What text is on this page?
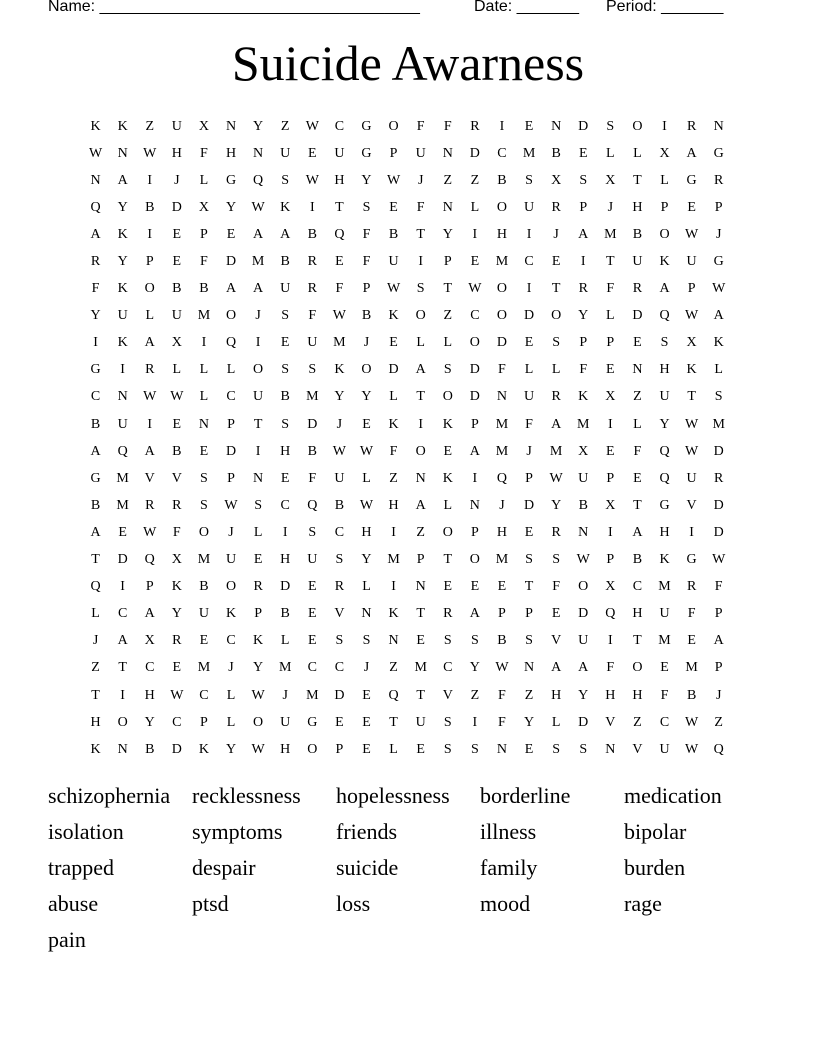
Name: ____________________________________	Date: _______ Period: _______
Suicide Awarness
K	K	Z	U	X	N	Y	Z	W	C	G	O	F	F	R	I	E	N	D	S	O	I	R	N
W	N	W	H	F	H	N	U	E	U	G	P	U	N	D	C	M	B	E	L	L	X	A	G
N	A	I	J	L	G	Q	S	W	H	Y	W	J	Z	Z	B	S	X	S	X	T	L	G	R
Q	Y	B	D	X	Y	W	K	I	T	S	E	F	N	L	O	U	R	P	J	H	P	E	P
A	K	I	E	P	E	A	A	B	Q	F	B	T	Y	I	H	I	J	A	M	B	O	W	J
R	Y	P	E	F	D	M	B	R	E	F	U	I	P	E	M	C	E	I	T	U	K	U	G
F	K	O	B	B	A	A	U	R	F	P	W	S	T	W	O	I	T	R	F	R	A	P	W
Y	U	L	U	M	O	J	S	F	W	B	K	O	Z	C	O	D	O	Y	L	D	Q	W	A
I	K	A	X	I	Q	I	E	U	M	J	E	L	L	O	D	E	S	P	P	E	S	X	K
G	I	R	L	L	L	O	S	S	K	O	D	A	S	D	F	L	L	F	E	N	H	K	L
C	N	W W	L	C	U	B	M	Y	Y	L	T	O	D	N	U	R	K	X	Z	U	T	S
B	U	I	E	N	P	T	S	D	J	E	K	I	K	P	M	F	A	M	I	L	Y	W	M
A	Q	A	B	E	D	I	H	B	W W	F	O	E	A	M	J	M	X	E	F	Q	W	D
G	M	V	V	S	P	N	E	F	U	L	Z	N	K	I	Q	P	W	U	P	E	Q	U	R
B	M	R	R	S	W	S	C	Q	B	W	H	A	L	N	J	D	Y	B	X	T	G	V	D
A	E	W	F	O	J	L	I	S	C	H	I	Z	O	P	H	E	R	N	I	A	H	I	D
T	D	Q	X	M	U	E	H	U	S	Y	M	P	T	O	M	S	S	W	P	B	K	G	W
Q	I	P	K	B	O	R	D	E	R	L	I	N	E	E	E	T	F	O	X	C	M	R	F
L	C	A	Y	U	K	P	B	E	V	N	K	T	R	A	P	P	E	D	Q	H	U	F	P
J	A	X	R	E	C	K	L	E	S	S	N	E	S	S	B	S	V	U	I	T	M	E	A
Z	T	C	E	M	J	Y	M	C	C	J	Z	M	C	Y	W	N	A	A	F	O	E	M	P
T	I	H	W	C	L	W	J	M	D	E	Q	T	V	Z	F	Z	H	Y	H	H	F	B	J
H	O	Y	C	P	L	O	U	G	E	E	T	U	S	I	F	Y	L	D	V	Z	C	W	Z
K	N	B	D	K	Y	W	H	O	P	E	L	E	S	S	N	E	S	S	N	V	U	W	Q
schizophernia recklessness	hopelessness	borderline	medication
isolation	symptoms	friends	illness	bipolar
trapped	despair	suicide	family	burden
abuse	ptsd	loss	mood	rage
pain
